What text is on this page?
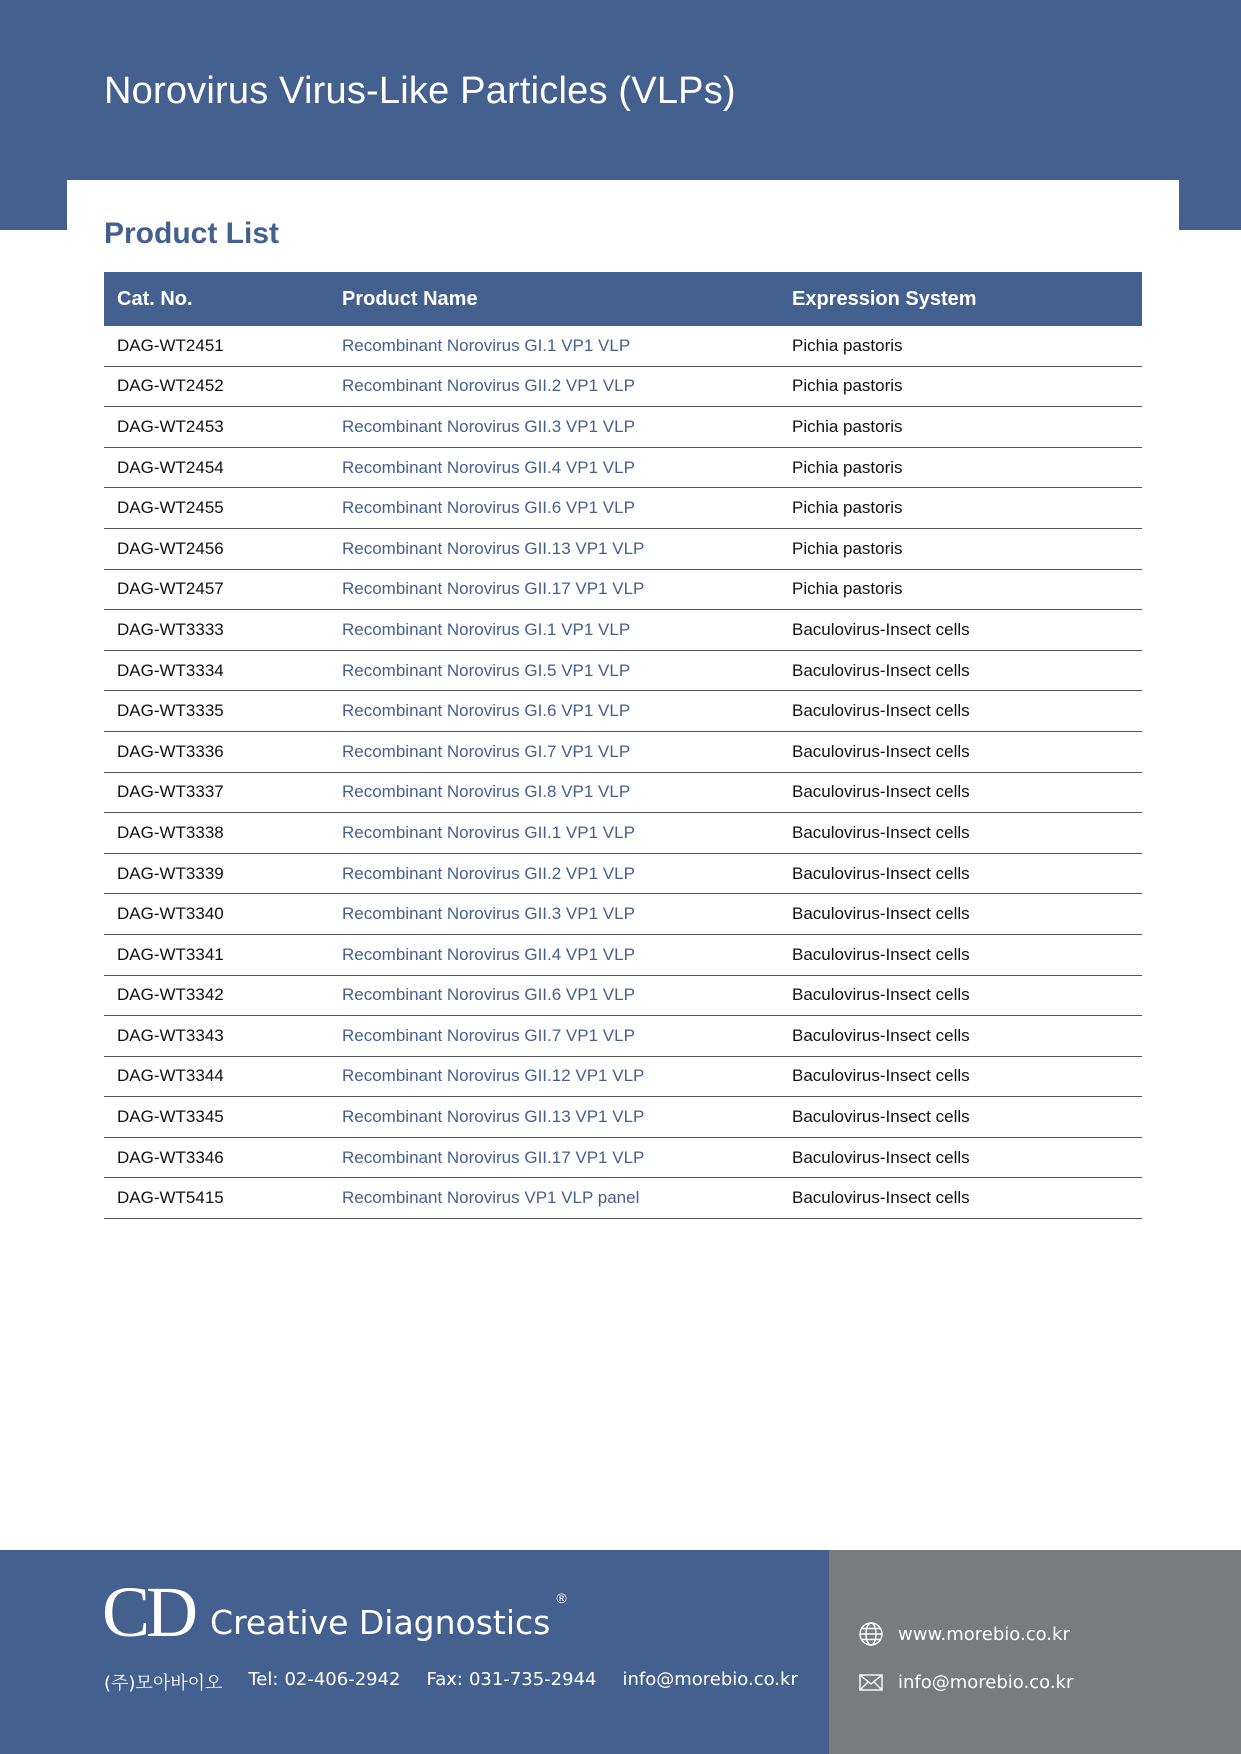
Norovirus Virus-Like Particles (VLPs)
Product List
Cat. No.	Product Name	Expression System
DAG-WT2451	Recombinant Norovirus GI.1 VP1 VLP	Pichia pastoris
DAG-WT2452	Recombinant Norovirus GII.2 VP1 VLP	Pichia pastoris
DAG-WT2453	Recombinant Norovirus GII.3 VP1 VLP	Pichia pastoris
DAG-WT2454	Recombinant Norovirus GII.4 VP1 VLP	Pichia pastoris
DAG-WT2455	Recombinant Norovirus GII.6 VP1 VLP	Pichia pastoris
DAG-WT2456	Recombinant Norovirus GII.13 VP1 VLP	Pichia pastoris
DAG-WT2457	Recombinant Norovirus GII.17 VP1 VLP	Pichia pastoris
DAG-WT3333	Recombinant Norovirus GI.1 VP1 VLP	Baculovirus-Insect cells
DAG-WT3334	Recombinant Norovirus GI.5 VP1 VLP	Baculovirus-Insect cells
DAG-WT3335	Recombinant Norovirus GI.6 VP1 VLP	Baculovirus-Insect cells
DAG-WT3336	Recombinant Norovirus GI.7 VP1 VLP	Baculovirus-Insect cells
DAG-WT3337	Recombinant Norovirus GI.8 VP1 VLP	Baculovirus-Insect cells
DAG-WT3338	Recombinant Norovirus GII.1 VP1 VLP	Baculovirus-Insect cells
DAG-WT3339	Recombinant Norovirus GII.2 VP1 VLP	Baculovirus-Insect cells
DAG-WT3340	Recombinant Norovirus GII.3 VP1 VLP	Baculovirus-Insect cells
DAG-WT3341	Recombinant Norovirus GII.4 VP1 VLP	Baculovirus-Insect cells
DAG-WT3342	Recombinant Norovirus GII.6 VP1 VLP	Baculovirus-Insect cells
DAG-WT3343	Recombinant Norovirus GII.7 VP1 VLP	Baculovirus-Insect cells
DAG-WT3344	Recombinant Norovirus GII.12 VP1 VLP	Baculovirus-Insect cells
DAG-WT3345	Recombinant Norovirus GII.13 VP1 VLP	Baculovirus-Insect cells
DAG-WT3346	Recombinant Norovirus GII.17 VP1 VLP	Baculovirus-Insect cells
DAG-WT5415	Recombinant Norovirus VP1 VLP panel	Baculovirus-Insect cells
CD Creative Diagnostics
®
(주)모아바이오 Tel: 02-406-2942 Fax: 031-735-2944 info@morebio.co.kr
www.morebio.co.kr
info@morebio.co.kr
